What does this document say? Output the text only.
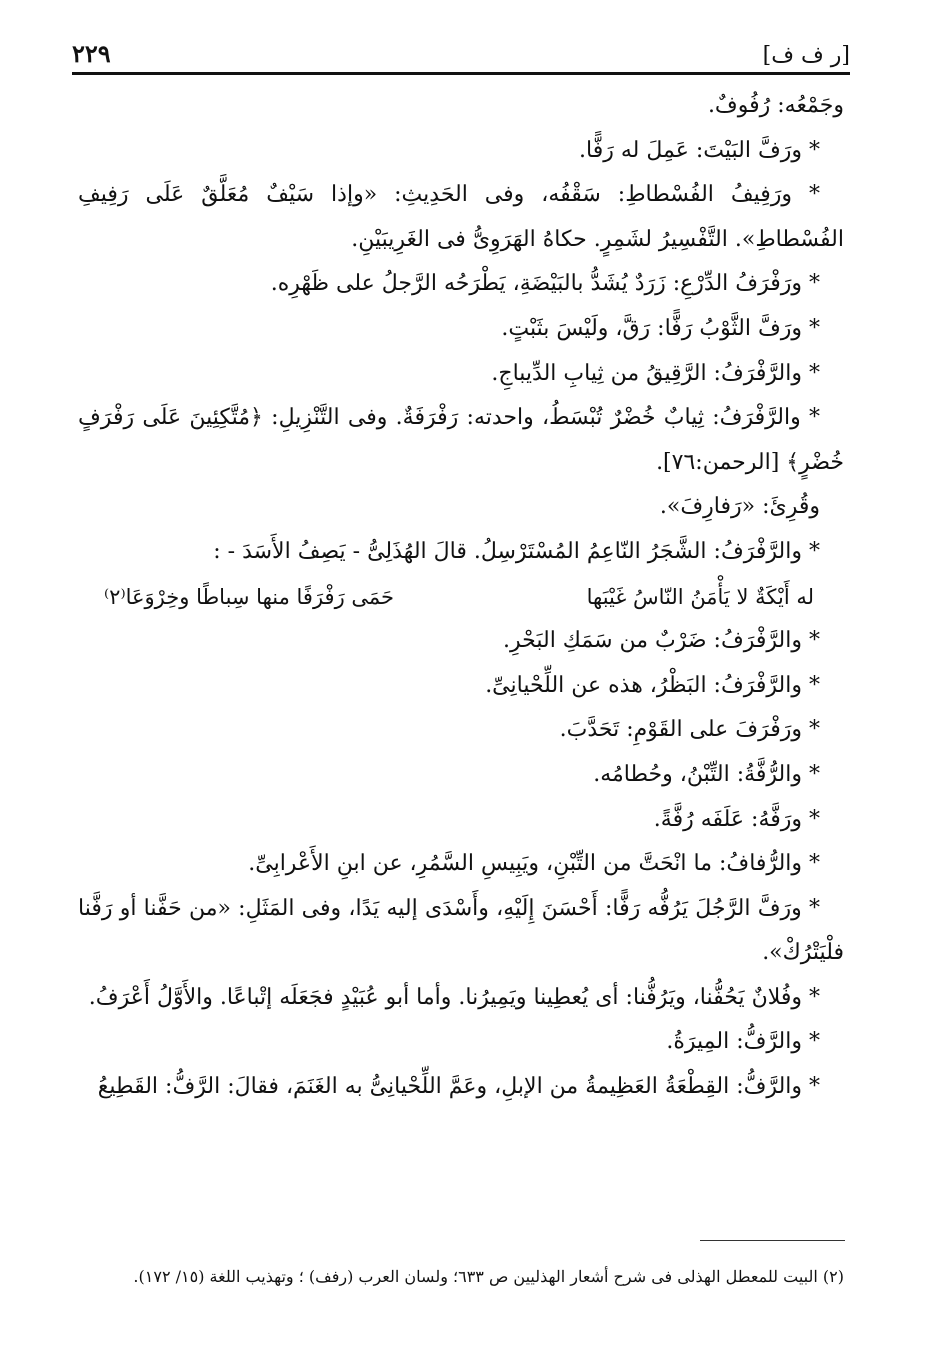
٢٢٩	[ر ف ف]

وجَمْعُه: رُفُوفٌ.

* ورَفَّ البَيْتَ: عَمِلَ له رَفًّا.

* ورَفِيفُ الفُسْطاطِ: سَقْفُه، وفى الحَدِيثِ: «وإذا سَيْفٌ مُعَلَّقٌ عَلَى رَفِيفِ الفُسْطاطِ». التَّفْسِيرُ لشَمِرٍ. حكاهُ الهَرَوِىُّ فى الغَرِيبَيْنِ.

* ورَفْرَفُ الدِّرْعِ: زَرَدٌ يُشَدُّ بالبَيْضَةِ، يَطْرَحُه الرَّجلُ على ظَهْرِه.

* ورَفَّ الثَّوْبُ رَفًّا: رَقَّ، ولَيْسَ بثَبْتٍ.

* والرَّفْرَفُ: الرَّقِيقُ من ثِيابِ الدِّيباجِ.

* والرَّفْرَفُ: ثِيابٌ خُضْرٌ تُبْسَطُ، واحدته: رَفْرَفَةٌ. وفى التَّنْزِيلِ: ﴿مُتَّكِئِينَ عَلَى رَفْرَفٍ خُضْرٍ﴾ [الرحمن:٧٦].

وقُرِئَ: «رَفارِفَ».

* والرَّفْرَفُ: الشَّجَرُ النّاعِمُ المُسْتَرْسِلُ. قالَ الهُذَلِىُّ - يَصِفُ الأَسَدَ - :

له أَيْكَةٌ لا يَأْمَنُ النّاسُ غَيْبَها
حَمَى رَفْرَفًا منها سِباطًا وخِرْوَعَا⁽٢⁾

* والرَّفْرَفُ: ضَرْبٌ من سَمَكِ البَحْرِ.

* والرَّفْرَفُ: البَظْرُ، هذه عن اللِّحْيانِىِّ.

* ورَفْرَفَ على القَوْمِ: تَحَدَّبَ.

* والرُّفَّةُ: التِّبْنُ، وحُطامُه.

* ورَفَّهُ: عَلَفَه رُفَّةً.

* والرُّفافُ: ما انْحَتَّ من التِّبْنِ، ويَبِيسِ السَّمُرِ، عن ابنِ الأَعْرابِىِّ.

* ورَفَّ الرَّجُلَ يَرُفُّه رَفًّا: أَحْسَنَ إِلَيْهِ، وأَسْدَى إليه يَدًا، وفى المَثَلِ: «من حَفَّنا أو رَفَّنا فلْيَتْرُكْ».

* وفُلانٌ يَحُفُّنا، ويَرُفُّنا: أى يُعطِينا ويَمِيرُنا. وأما أبو عُبَيْدٍ فجَعَلَه إتْباعًا. والأَوَّلُ أَعْرَفُ.

* والرَّفُّ: المِيرَةُ.

* والرَّفُّ: القِطْعَةُ العَظِيمةُ من الإبلِ، وعَمَّ اللِّحْيانِىُّ به الغَنَمَ، فقالَ: الرَّفُّ: القَطِيعُ

(٢) البيت للمعطل الهذلى فى شرح أشعار الهذليين ص ٦٣٣؛ ولسان العرب (رفف) ؛ وتهذيب اللغة (١٥/ ١٧٢).
